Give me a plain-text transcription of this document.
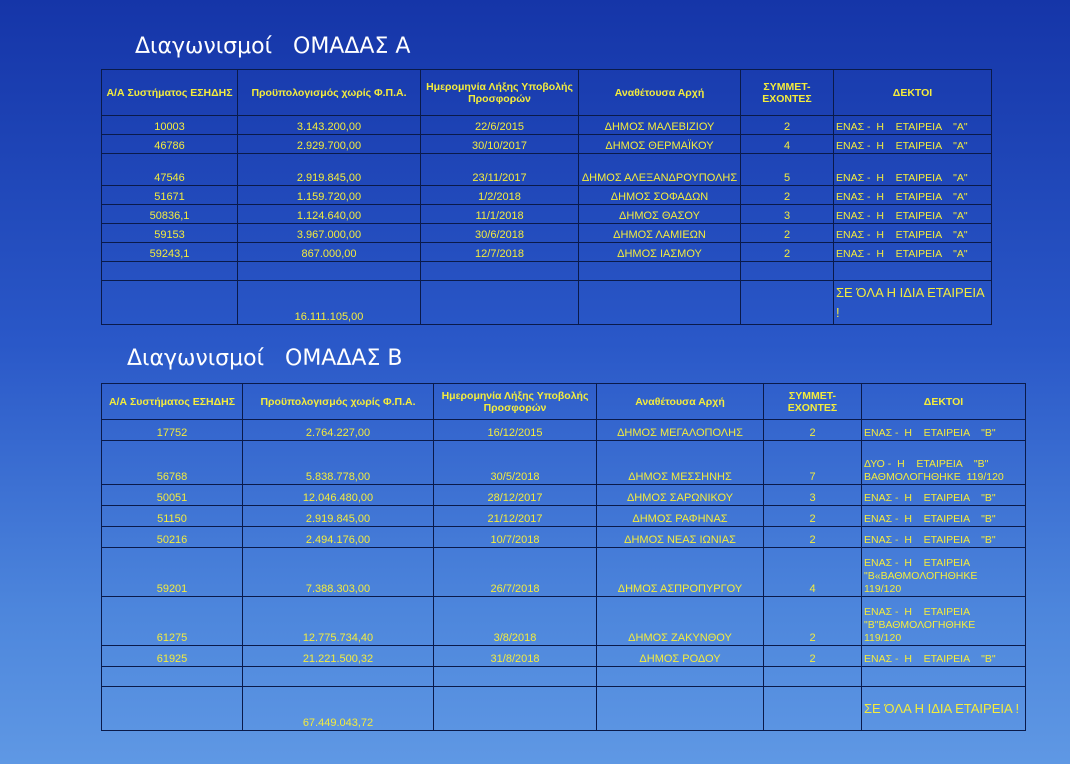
Διαγωνισμοί   ΟΜΑΔΑΣ Α
Α/Α Συστήματος ΕΣΗΔΗΣ	Προϋπολογισμός χωρίς Φ.Π.Α.	Ημερομηνία Λήξης Υποβολής Προσφορών	Αναθέτουσα Αρχή	ΣΥΜΜΕΤ-ΕΧΟΝΤΕΣ	ΔΕΚΤΟΙ
10003	3.143.200,00	22/6/2015	ΔΗΜΟΣ ΜΑΛΕΒΙΖΙΟΥ	2	ΕΝΑΣ -  Η    ΕΤΑΙΡΕΙΑ    "Α"
46786	2.929.700,00	30/10/2017	ΔΗΜΟΣ ΘΕΡΜΑΪΚΟΥ	4	ΕΝΑΣ -  Η    ΕΤΑΙΡΕΙΑ    "Α"
47546	2.919.845,00	23/11/2017	ΔΗΜΟΣ ΑΛΕΞΑΝΔΡΟΥΠΟΛΗΣ	5	ΕΝΑΣ -  Η    ΕΤΑΙΡΕΙΑ    "Α"
51671	1.159.720,00	1/2/2018	ΔΗΜΟΣ ΣΟΦΑΔΩΝ	2	ΕΝΑΣ -  Η    ΕΤΑΙΡΕΙΑ    "Α"
50836,1	1.124.640,00	11/1/2018	ΔΗΜΟΣ ΘΑΣΟΥ	3	ΕΝΑΣ -  Η    ΕΤΑΙΡΕΙΑ    "Α"
59153	3.967.000,00	30/6/2018	ΔΗΜΟΣ ΛΑΜΙΕΩΝ	2	ΕΝΑΣ -  Η    ΕΤΑΙΡΕΙΑ    "Α"
59243,1	867.000,00	12/7/2018	ΔΗΜΟΣ ΙΑΣΜΟΥ	2	ΕΝΑΣ -  Η    ΕΤΑΙΡΕΙΑ    "Α"

	16.111.105,00				ΣΕ ΌΛΑ Η ΙΔΙΑ ΕΤΑΙΡΕΙΑ !
Διαγωνισμοί   ΟΜΑΔΑΣ Β
Α/Α Συστήματος ΕΣΗΔΗΣ	Προϋπολογισμός χωρίς Φ.Π.Α.	Ημερομηνία Λήξης Υποβολής Προσφορών	Αναθέτουσα Αρχή	ΣΥΜΜΕΤ-ΕΧΟΝΤΕΣ	ΔΕΚΤΟΙ
17752	2.764.227,00	16/12/2015	ΔΗΜΟΣ ΜΕΓΑΛΟΠΟΛΗΣ	2	ΕΝΑΣ -  Η    ΕΤΑΙΡΕΙΑ    "Β"
56768	5.838.778,00	30/5/2018	ΔΗΜΟΣ ΜΕΣΣΗΝΗΣ	7	ΔΥΟ -  Η    ΕΤΑΙΡΕΙΑ    "Β"
ΒΑΘΜΟΛΟΓΗΘΗΚΕ  119/120
50051	12.046.480,00	28/12/2017	ΔΗΜΟΣ ΣΑΡΩΝΙΚΟΥ	3	ΕΝΑΣ -  Η    ΕΤΑΙΡΕΙΑ    "Β"
51150	2.919.845,00	21/12/2017	ΔΗΜΟΣ ΡΑΦΗΝΑΣ	2	ΕΝΑΣ -  Η    ΕΤΑΙΡΕΙΑ    "Β"
50216	2.494.176,00	10/7/2018	ΔΗΜΟΣ ΝΕΑΣ ΙΩΝΙΑΣ	2	ΕΝΑΣ -  Η    ΕΤΑΙΡΕΙΑ    "Β"
59201	7.388.303,00	26/7/2018	ΔΗΜΟΣ ΑΣΠΡΟΠΥΡΓΟΥ	4	ΕΝΑΣ -  Η    ΕΤΑΙΡΕΙΑ
"Β«ΒΑΘΜΟΛΟΓΗΘΗΚΕ
119/120
61275	12.775.734,40	3/8/2018	ΔΗΜΟΣ ΖΑΚΥΝΘΟΥ	2	ΕΝΑΣ -  Η    ΕΤΑΙΡΕΙΑ
"Β"ΒΑΘΜΟΛΟΓΗΘΗΚΕ
119/120
61925	21.221.500,32	31/8/2018	ΔΗΜΟΣ ΡΟΔΟΥ	2	ΕΝΑΣ -  Η    ΕΤΑΙΡΕΙΑ    "Β"

	67.449.043,72				ΣΕ ΌΛΑ Η ΙΔΙΑ ΕΤΑΙΡΕΙΑ !
